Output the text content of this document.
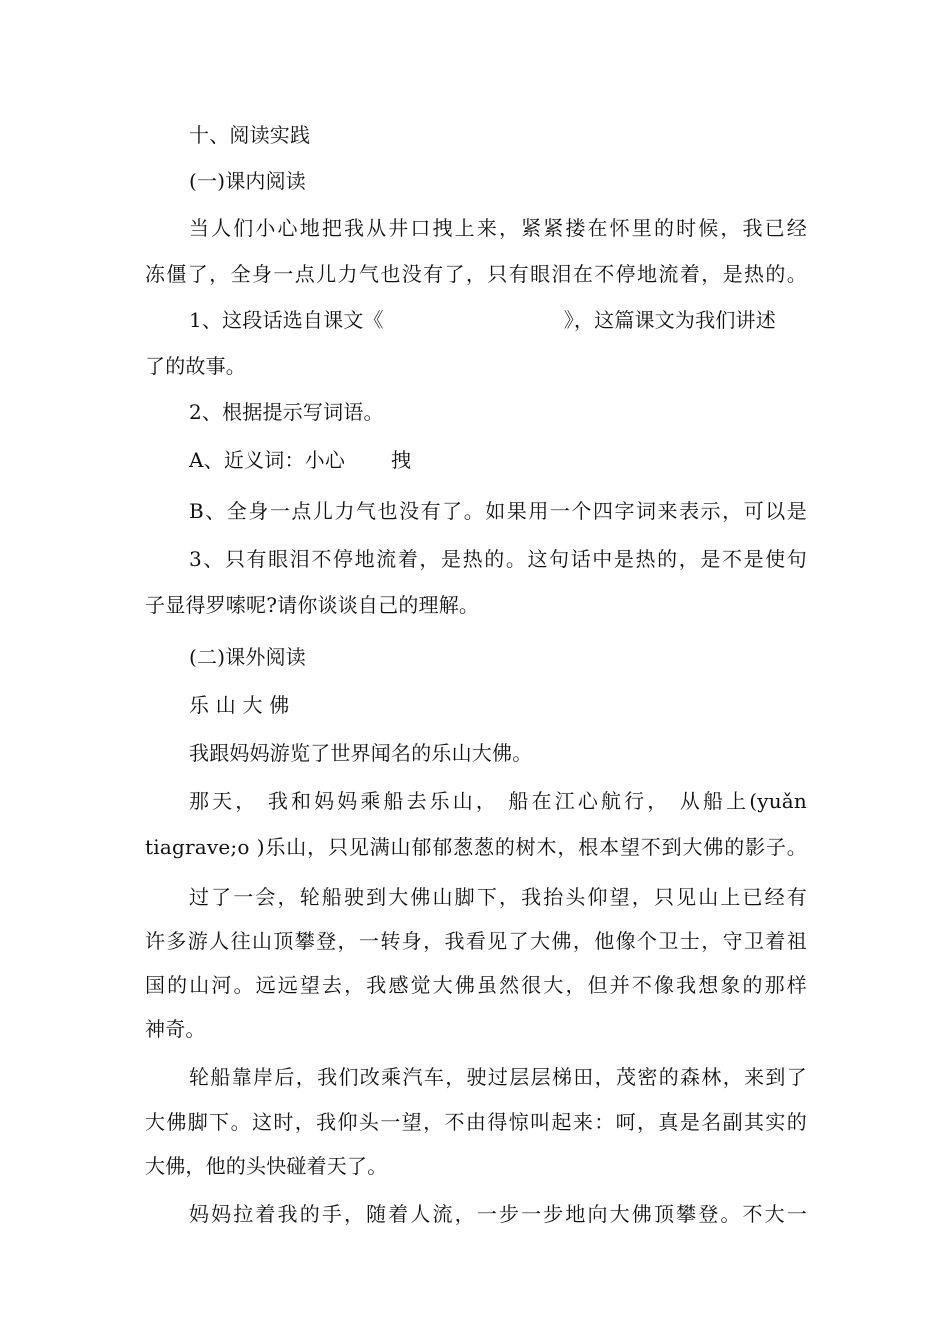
十、阅读实践
(一)课内阅读
当人们小心地把我从井口拽上来，紧紧搂在怀里的时候，我已经
冻僵了，全身一点儿力气也没有了，只有眼泪在不停地流着，是热的。
1、这段话选自课文《	》，这篇课文为我们讲述
了的故事。
2、根据提示写词语。
A、近义词：小心 拽
B、全身一点儿力气也没有了。如果用一个四字词来表示，可以是
3、只有眼泪不停地流着，是热的。这句话中是热的，是不是使句
子显得罗嗦呢?请你谈谈自己的理解。
(二)课外阅读
乐 山 大 佛
我跟妈妈游览了世界闻名的乐山大佛。
那天， 我和妈妈乘船去乐山， 船在江心航行， 从船上(yuǎn
tiagrave;o )乐山，只见满山郁郁葱葱的树木，根本望不到大佛的影子。
过了一会，轮船驶到大佛山脚下，我抬头仰望，只见山上已经有
许多游人往山顶攀登，一转身，我看见了大佛，他像个卫士，守卫着祖
国的山河。远远望去，我感觉大佛虽然很大，但并不像我想象的那样
神奇。
轮船靠岸后，我们改乘汽车，驶过层层梯田，茂密的森林，来到了
大佛脚下。这时，我仰头一望，不由得惊叫起来：呵，真是名副其实的
大佛，他的头快碰着天了。
妈妈拉着我的手，随着人流，一步一步地向大佛顶攀登。不大一
